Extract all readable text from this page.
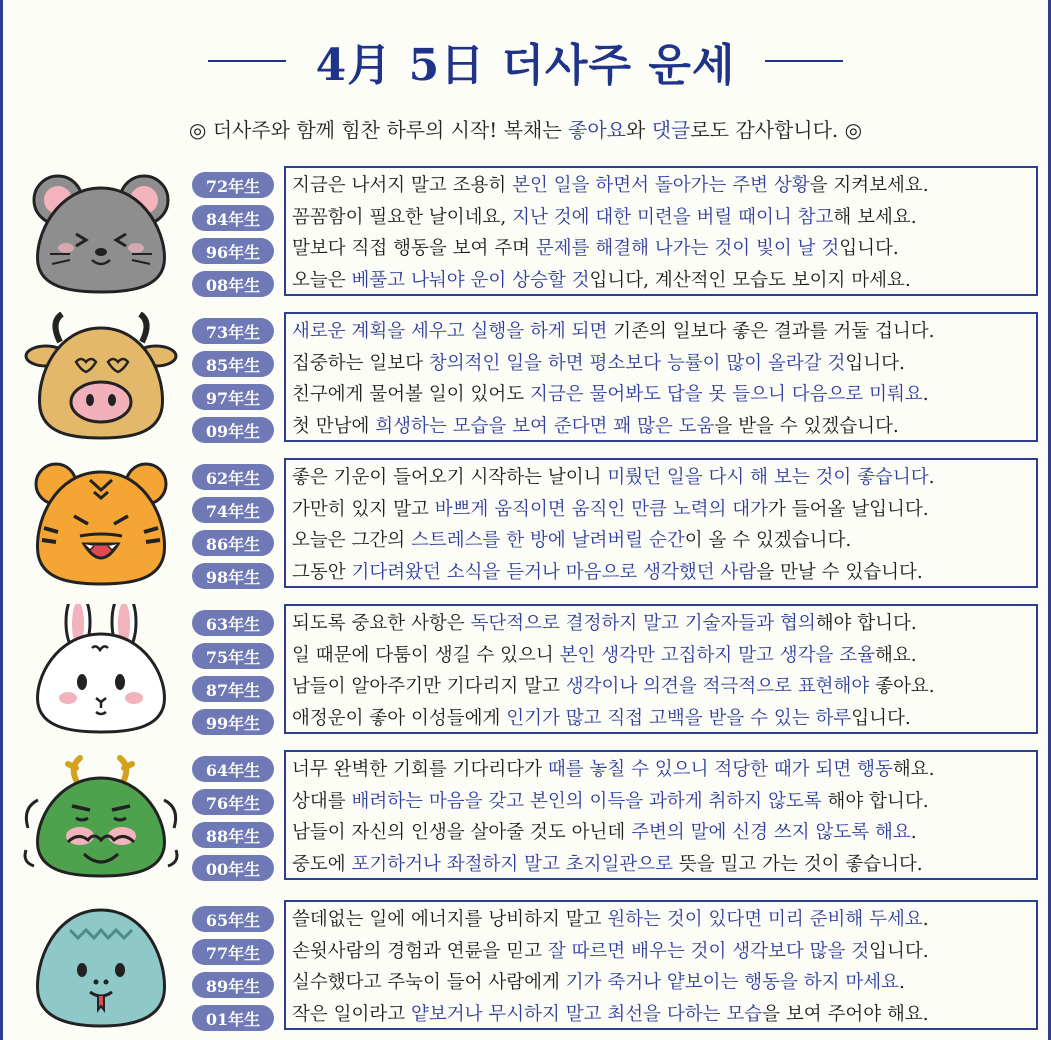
4月 5日 더사주 운세
◎ 더사주와 함께 힘찬 하루의 시작! 복채는 좋아요와 댓글로도 감사합니다. ◎
72年生
84年生
96年生
08年生
지금은 나서지 말고 조용히 본인 일을 하면서 돌아가는 주변 상황을 지켜보세요.
꼼꼼함이 필요한 날이네요, 지난 것에 대한 미련을 버릴 때이니 참고해 보세요.
말보다 직접 행동을 보여 주며 문제를 해결해 나가는 것이 빛이 날 것입니다.
오늘은 베풀고 나눠야 운이 상승할 것입니다, 계산적인 모습도 보이지 마세요.
73年生
85年生
97年生
09年生
새로운 계획을 세우고 실행을 하게 되면 기존의 일보다 좋은 결과를 거둘 겁니다.
집중하는 일보다 창의적인 일을 하면 평소보다 능률이 많이 올라갈 것입니다.
친구에게 물어볼 일이 있어도 지금은 물어봐도 답을 못 들으니 다음으로 미뤄요.
첫 만남에 희생하는 모습을 보여 준다면 꽤 많은 도움을 받을 수 있겠습니다.
62年生
74年生
86年生
98年生
좋은 기운이 들어오기 시작하는 날이니 미뤘던 일을 다시 해 보는 것이 좋습니다.
가만히 있지 말고 바쁘게 움직이면 움직인 만큼 노력의 대가가 들어올 날입니다.
오늘은 그간의 스트레스를 한 방에 날려버릴 순간이 올 수 있겠습니다.
그동안 기다려왔던 소식을 듣거나 마음으로 생각했던 사람을 만날 수 있습니다.
63年生
75年生
87年生
99年生
되도록 중요한 사항은 독단적으로 결정하지 말고 기술자들과 협의해야 합니다.
일 때문에 다툼이 생길 수 있으니 본인 생각만 고집하지 말고 생각을 조율해요.
남들이 알아주기만 기다리지 말고 생각이나 의견을 적극적으로 표현해야 좋아요.
애정운이 좋아 이성들에게 인기가 많고 직접 고백을 받을 수 있는 하루입니다.
64年生
76年生
88年生
00年生
너무 완벽한 기회를 기다리다가 때를 놓칠 수 있으니 적당한 때가 되면 행동해요.
상대를 배려하는 마음을 갖고 본인의 이득을 과하게 취하지 않도록 해야 합니다.
남들이 자신의 인생을 살아줄 것도 아닌데 주변의 말에 신경 쓰지 않도록 해요.
중도에 포기하거나 좌절하지 말고 초지일관으로 뜻을 밀고 가는 것이 좋습니다.
65年生
77年生
89年生
01年生
쓸데없는 일에 에너지를 낭비하지 말고 원하는 것이 있다면 미리 준비해 두세요.
손윗사람의 경험과 연륜을 믿고 잘 따르면 배우는 것이 생각보다 많을 것입니다.
실수했다고 주눅이 들어 사람에게 기가 죽거나 얕보이는 행동을 하지 마세요.
작은 일이라고 얕보거나 무시하지 말고 최선을 다하는 모습을 보여 주어야 해요.
